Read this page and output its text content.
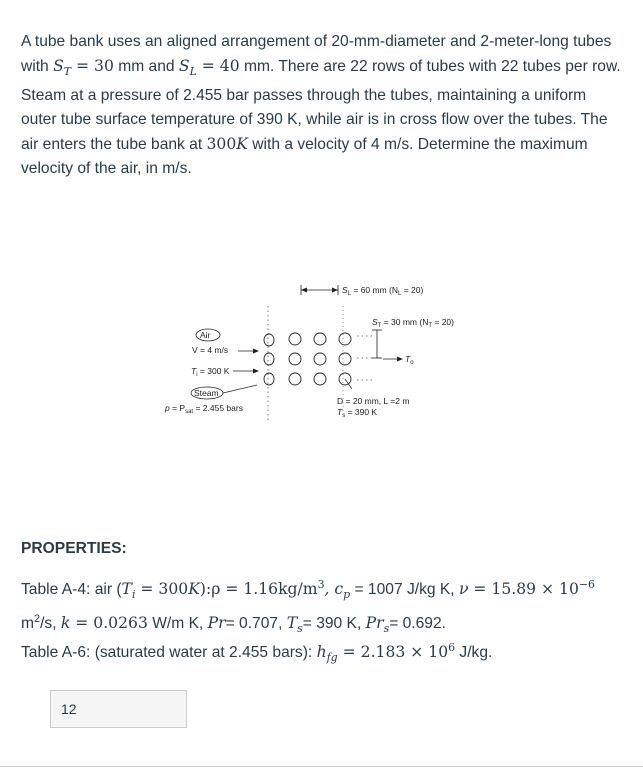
A tube bank uses an aligned arrangement of 20-mm-diameter and 2-meter-long tubes with $S_T = 30$ mm and $S_L = 40$ mm. There are 22 rows of tubes with 22 tubes per row. Steam at a pressure of 2.455 bar passes through the tubes, maintaining a uniform outer tube surface temperature of 390 K, while air is in cross flow over the tubes. The air enters the tube bank at 300K with a velocity of 4 m/s. Determine the maximum velocity of the air, in m/s.

$S_L = 60$ mm $(N_L = 20)$
$S_T = 30$ mm $(N_T = 20)$
$T_o$
Air
V = 4 m/s
$T_i = 300$ K
Steam
$p = P_{sat} = 2.455$ bars
D = 20 mm, L =2 m
$T_s = 390$ K

PROPERTIES:

Table A-4: air ($T_i$ = 300K):ρ = $1.16kg/m^3$, $c_p = 1007$ J/kg K, $\nu = 15.89 \times 10^{-6}$
$m^2/s$, k = 0.0263 W/m K, Pr= 0.707, $T_s= 390$ K, $Pr_s= 0.692$.

Table A-6: (saturated water at 2.455 bars): $h_{fg} = 2.183 \times 10^6$ J/kg.

12
